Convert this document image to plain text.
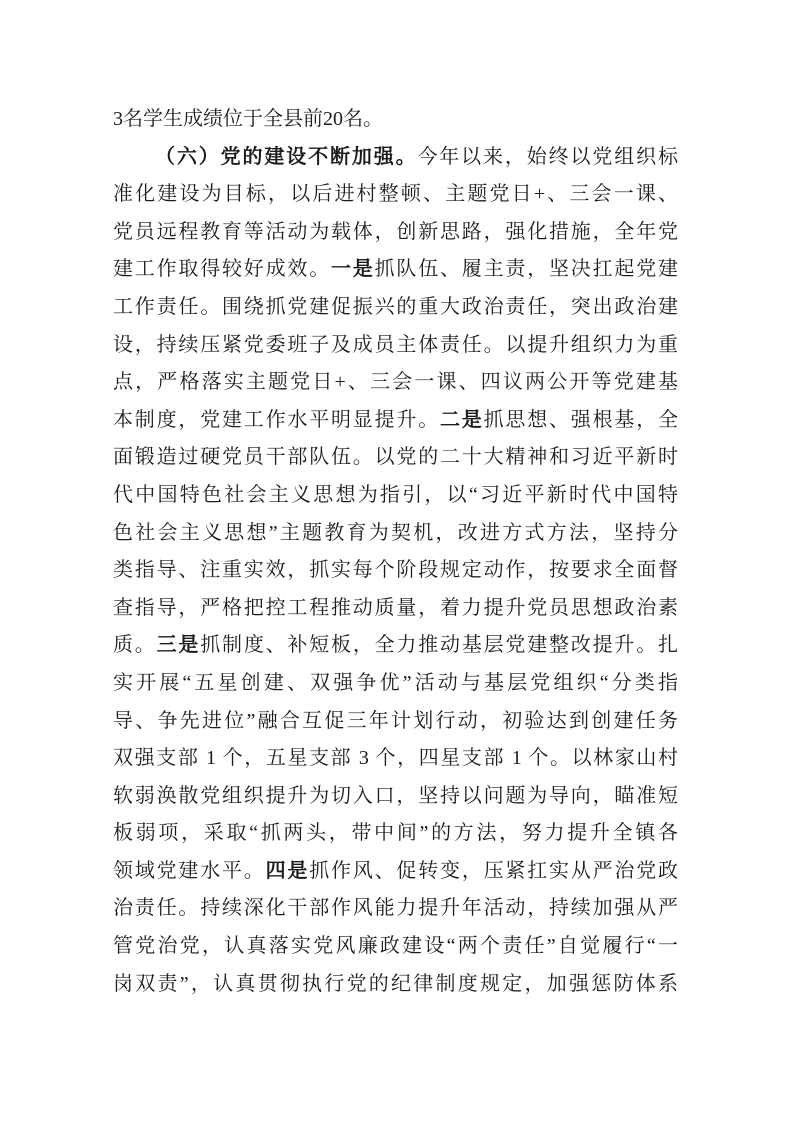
3名学生成绩位于全县前20名。
（六）党的建设不断加强。今年以来，始终以党组织标
准化建设为目标，以后进村整顿、主题党日+、三会一课、
党员远程教育等活动为载体，创新思路，强化措施，全年党
建工作取得较好成效。一是抓队伍、履主责，坚决扛起党建
工作责任。围绕抓党建促振兴的重大政治责任，突出政治建
设，持续压紧党委班子及成员主体责任。以提升组织力为重
点，严格落实主题党日+、三会一课、四议两公开等党建基
本制度，党建工作水平明显提升。二是抓思想、强根基，全
面锻造过硬党员干部队伍。以党的二十大精神和习近平新时
代中国特色社会主义思想为指引，以“习近平新时代中国特
色社会主义思想”主题教育为契机，改进方式方法，坚持分
类指导、注重实效，抓实每个阶段规定动作，按要求全面督
查指导，严格把控工程推动质量，着力提升党员思想政治素
质。三是抓制度、补短板，全力推动基层党建整改提升。扎
实开展“五星创建、双强争优”活动与基层党组织“分类指
导、争先进位”融合互促三年计划行动，初验达到创建任务
双强支部 1 个，五星支部 3 个，四星支部 1 个。以林家山村
软弱涣散党组织提升为切入口，坚持以问题为导向，瞄准短
板弱项，采取“抓两头，带中间”的方法，努力提升全镇各
领域党建水平。四是抓作风、促转变，压紧扛实从严治党政
治责任。持续深化干部作风能力提升年活动，持续加强从严
管党治党，认真落实党风廉政建设“两个责任”自觉履行“一
岗双责”，认真贯彻执行党的纪律制度规定，加强惩防体系
